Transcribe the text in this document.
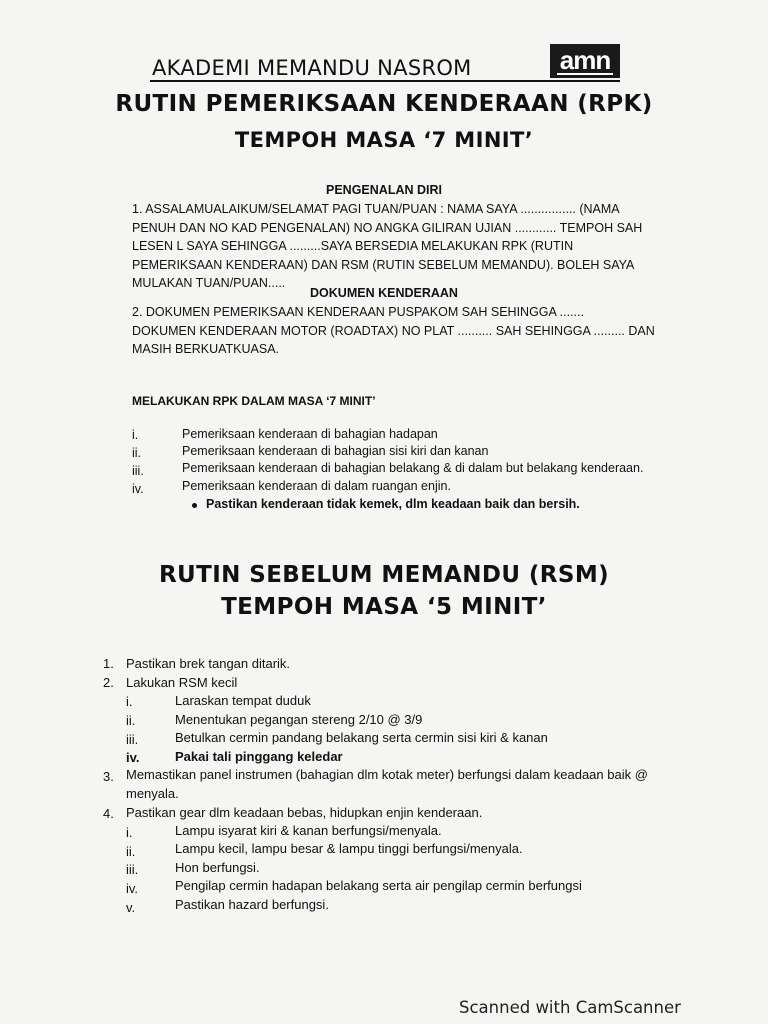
AKADEMI MEMANDU NASROM	amn
RUTIN PEMERIKSAAN KENDERAAN (RPK)
TEMPOH MASA ‘7 MINIT’
PENGENALAN DIRI
1. ASSALAMUALAIKUM/SELAMAT PAGI TUAN/PUAN : NAMA SAYA ................ (NAMA
PENUH DAN NO KAD PENGENALAN) NO ANGKA GILIRAN UJIAN ............ TEMPOH SAH
LESEN L SAYA SEHINGGA .........SAYA BERSEDIA MELAKUKAN RPK (RUTIN
PEMERIKSAAN KENDERAAN) DAN RSM (RUTIN SEBELUM MEMANDU). BOLEH SAYA
MULAKAN TUAN/PUAN.....
DOKUMEN KENDERAAN
2. DOKUMEN PEMERIKSAAN KENDERAAN PUSPAKOM SAH SEHINGGA .......
DOKUMEN KENDERAAN MOTOR (ROADTAX) NO PLAT .......... SAH SEHINGGA ......... DAN
MASIH BERKUATKUASA.
MELAKUKAN RPK DALAM MASA ‘7 MINIT’
i.	Pemeriksaan kenderaan di bahagian hadapan
ii.	Pemeriksaan kenderaan di bahagian sisi kiri dan kanan
iii.	Pemeriksaan kenderaan di bahagian belakang & di dalam but belakang kenderaan.
iv.	Pemeriksaan kenderaan di dalam ruangan enjin.
Pastikan kenderaan tidak kemek, dlm keadaan baik dan bersih.
RUTIN SEBELUM MEMANDU (RSM)
TEMPOH MASA ‘5 MINIT’
1. Pastikan brek tangan ditarik.
2. Lakukan RSM kecil
i.	Laraskan tempat duduk
ii.	Menentukan pegangan stereng 2/10 @ 3/9
iii.	Betulkan cermin pandang belakang serta cermin sisi kiri & kanan
iv.	Pakai tali pinggang keledar
3. Memastikan panel instrumen (bahagian dlm kotak meter) berfungsi dalam keadaan baik @
menyala.
4. Pastikan gear dlm keadaan bebas, hidupkan enjin kenderaan.
i.	Lampu isyarat kiri & kanan berfungsi/menyala.
ii.	Lampu kecil, lampu besar & lampu tinggi berfungsi/menyala.
iii.	Hon berfungsi.
iv.	Pengilap cermin hadapan belakang serta air pengilap cermin berfungsi
v.	Pastikan hazard berfungsi.
Scanned with CamScanner
